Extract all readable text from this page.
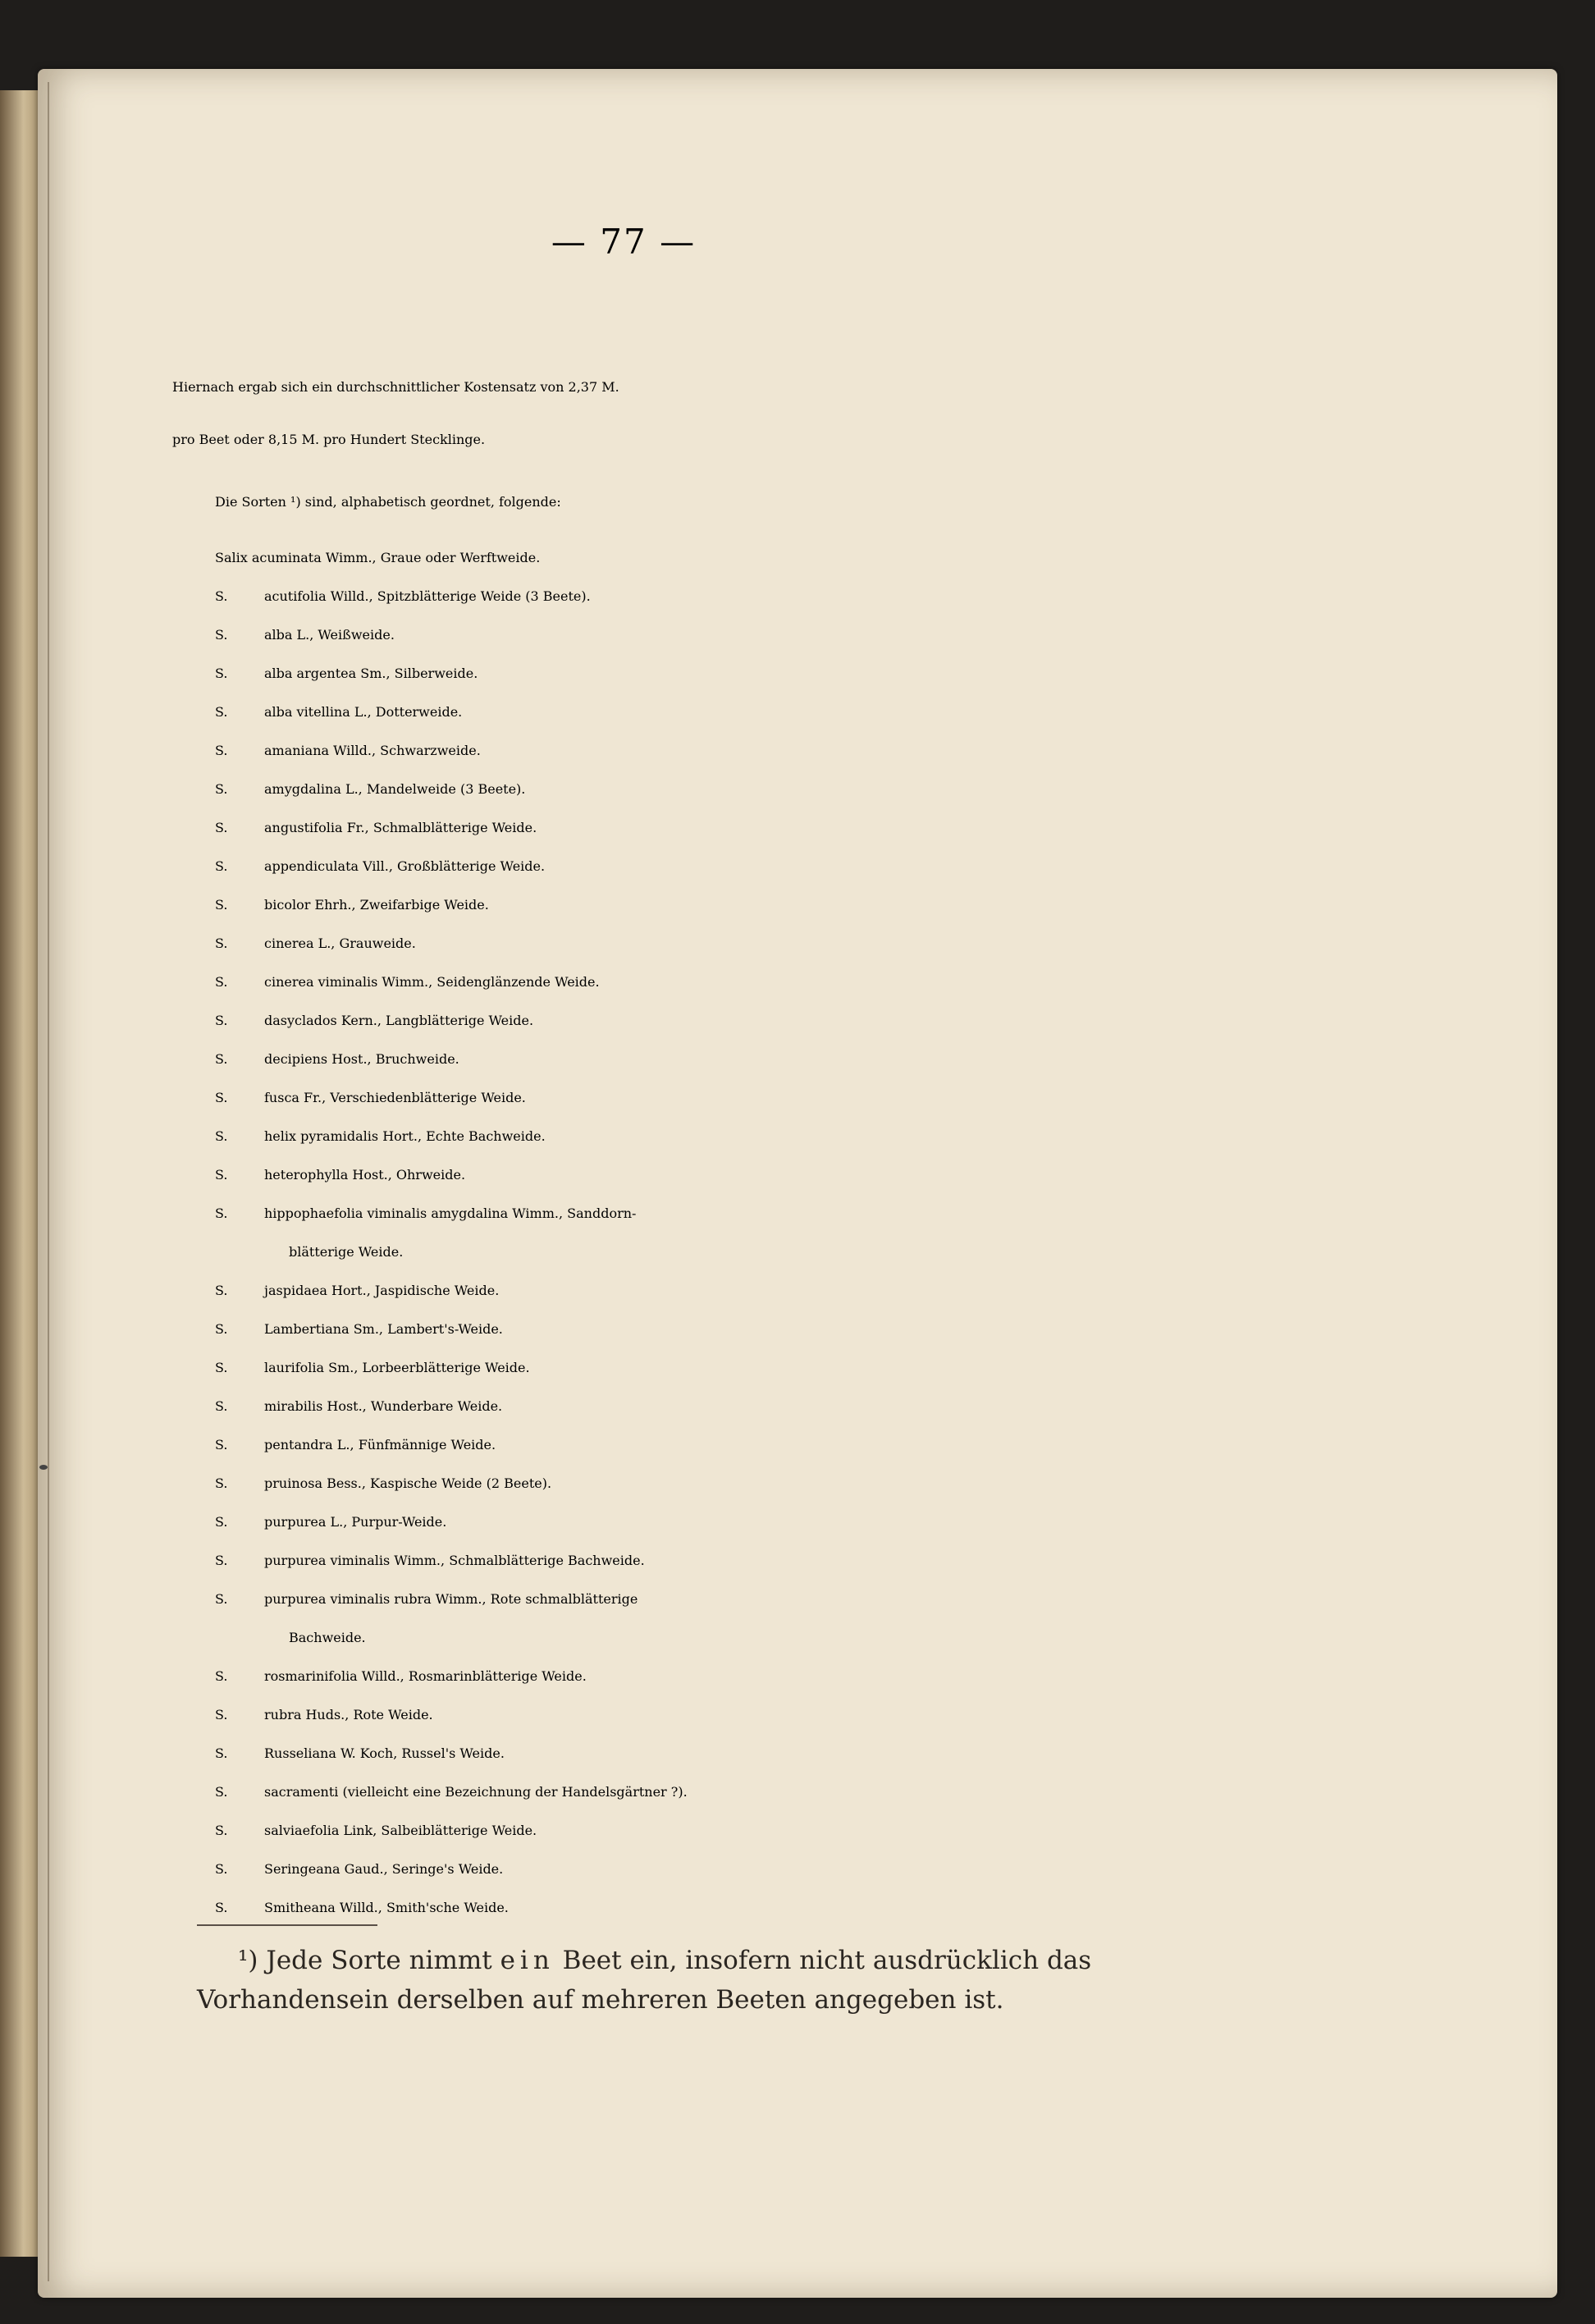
— 77 —

Hiernach ergab sich ein durchschnittlicher Kostensatz von 2,37 M.
pro Beet oder 8,15 M. pro Hundert Stecklinge.

Die Sorten ¹) sind, alphabetisch geordnet, folgende:

Salix acuminata Wimm., Graue oder Werftweide.

S.	acutifolia Willd., Spitzblätterige Weide (3 Beete).
S.	alba L., Weißweide.
S.	alba argentea Sm., Silberweide.
S.	alba vitellina L., Dotterweide.
S.	amaniana Willd., Schwarzweide.
S.	amygdalina L., Mandelweide (3 Beete).
S.	angustifolia Fr., Schmalblätterige Weide.
S.	appendiculata Vill., Großblätterige Weide.
S.	bicolor Ehrh., Zweifarbige Weide.
S.	cinerea L., Grauweide.
S.	cinerea viminalis Wimm., Seidenglänzende Weide.
S.	dasyclados Kern., Langblätterige Weide.
S.	decipiens Host., Bruchweide.
S.	fusca Fr., Verschiedenblätterige Weide.
S.	helix pyramidalis Hort., Echte Bachweide.
S.	heterophylla Host., Ohrweide.
S.	hippophaefolia viminalis amygdalina Wimm., Sanddorn-
blätterige Weide.
S.	jaspidaea Hort., Jaspidische Weide.
S.	Lambertiana Sm., Lambert's-Weide.
S.	laurifolia Sm., Lorbeerblätterige Weide.
S.	mirabilis Host., Wunderbare Weide.
S.	pentandra L., Fünfmännige Weide.
S.	pruinosa Bess., Kaspische Weide (2 Beete).
S.	purpurea L., Purpur-Weide.
S.	purpurea viminalis Wimm., Schmalblätterige Bachweide.
S.	purpurea viminalis rubra Wimm., Rote schmalblätterige
Bachweide.
S.	rosmarinifolia Willd., Rosmarinblätterige Weide.
S.	rubra Huds., Rote Weide.
S.	Russeliana W. Koch, Russel's Weide.
S.	sacramenti (vielleicht eine Bezeichnung der Handelsgärtner ?).
S.	salviaefolia Link, Salbeiblätterige Weide.
S.	Seringeana Gaud., Seringe's Weide.
S.	Smitheana Willd., Smith'sche Weide.

¹) Jede Sorte nimmt ein Beet ein, insofern nicht ausdrücklich das
Vorhandensein derselben auf mehreren Beeten angegeben ist.
